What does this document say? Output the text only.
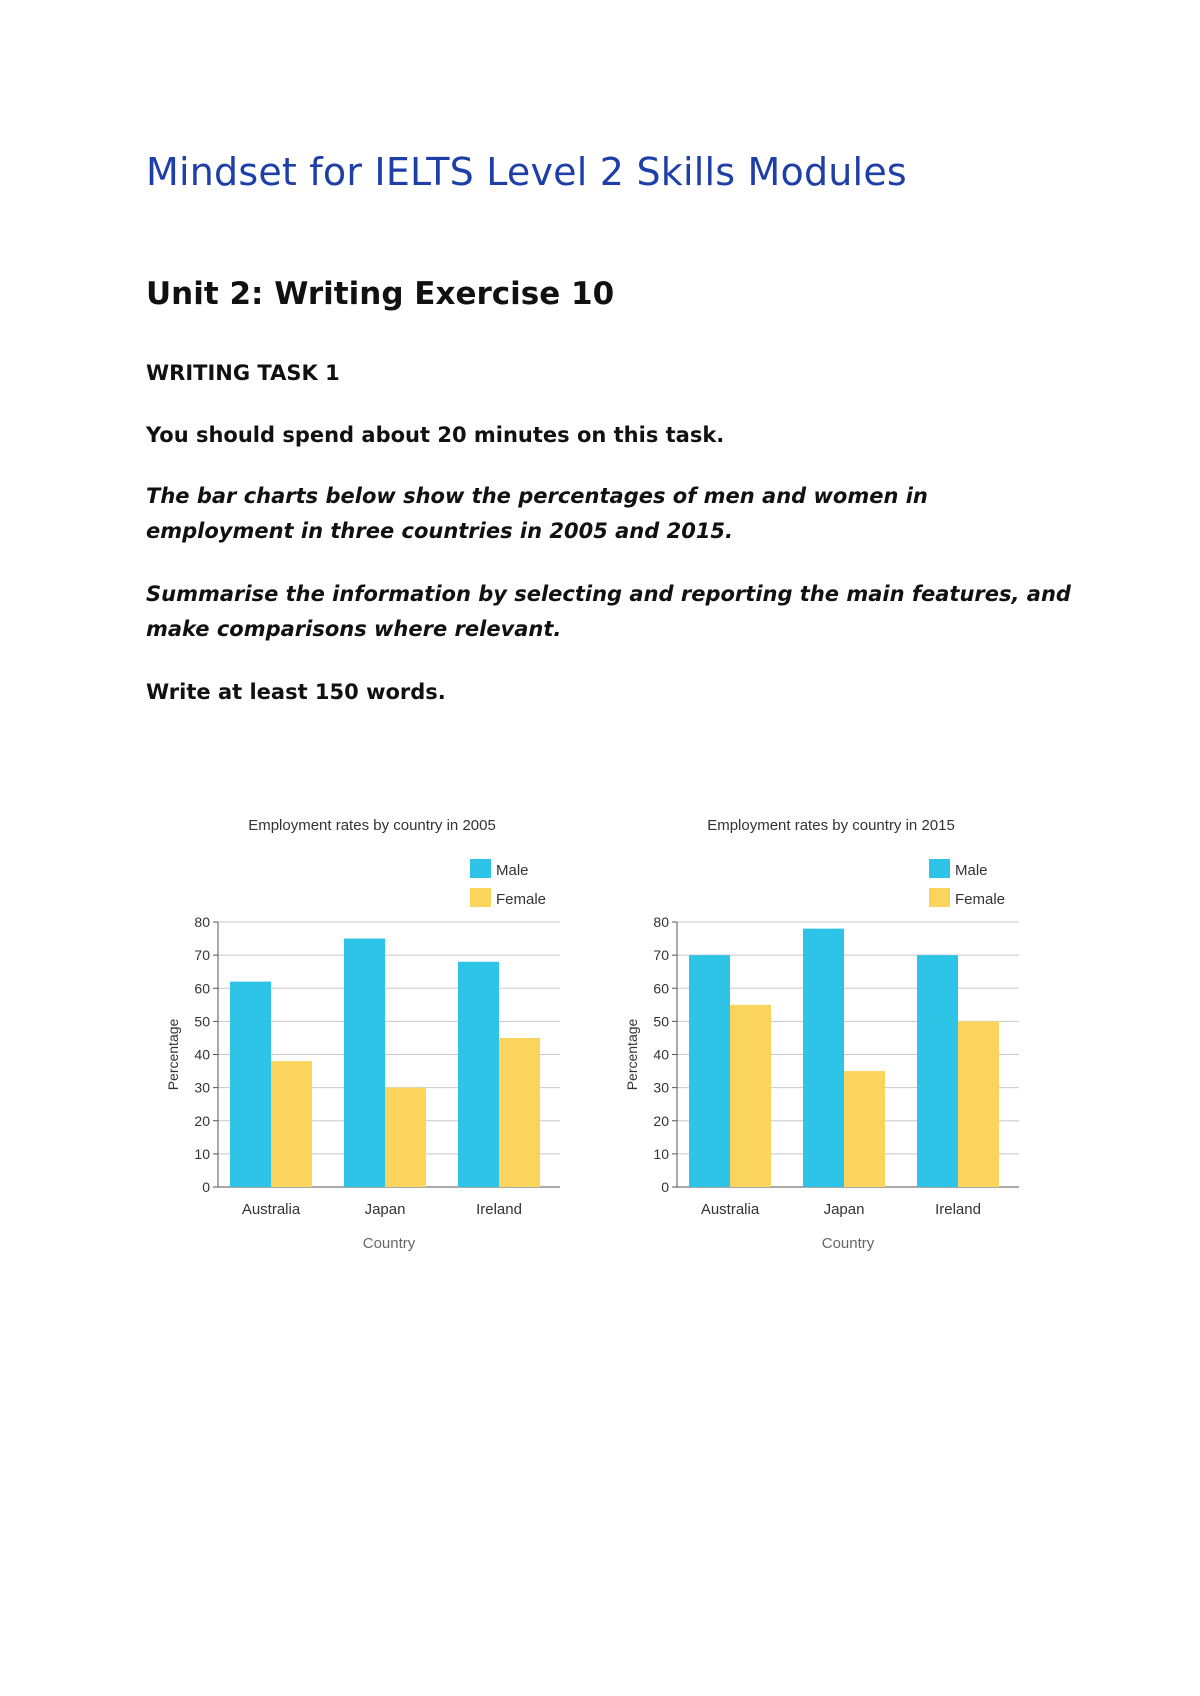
Mindset for IELTS Level 2 Skills Modules
Unit 2: Writing Exercise 10

WRITING TASK 1

You should spend about 20 minutes on this task.

The bar charts below show the percentages of men and women in employment in three countries in 2005 and 2015.

Summarise the information by selecting and reporting the main features, and make comparisons where relevant.

Write at least 150 words.

Employment rates by country in 2005
0
10
20
30
40
50
60
70
80
Percentage
Australia	Japan	Ireland
Country
Male
Female
Employment rates by country in 2015
0
10
20
30
40
50
60
70
80
Percentage
Australia	Japan	Ireland
Country
Male
Female
